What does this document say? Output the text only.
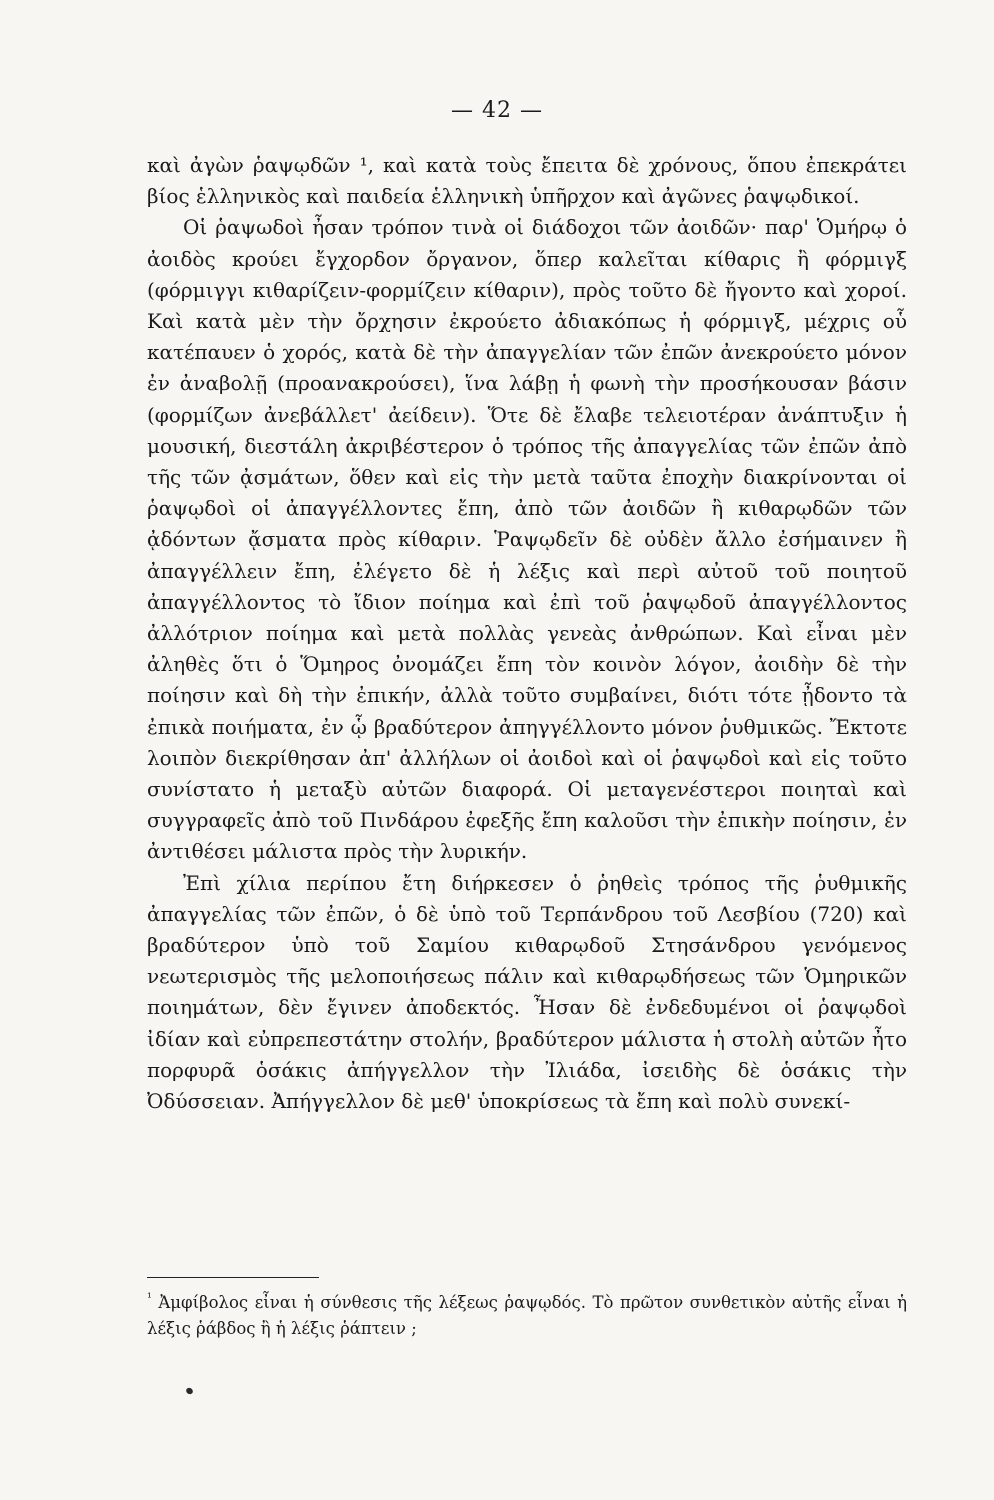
— 42 —

καὶ ἀγὼν ῥαψῳδῶν ¹, καὶ κατὰ τοὺς ἔπειτα δὲ χρόνους, ὅπου ἐπεκράτει βίος ἑλληνικὸς καὶ παιδεία ἑλληνικὴ ὑπῆρχον καὶ ἀγῶνες ῥαψῳδικοί.

Οἱ ῥαψωδοὶ ἦσαν τρόπον τινὰ οἱ διάδοχοι τῶν ἀοιδῶν· παρ' Ὁμήρῳ ὁ ἀοιδὸς κρούει ἔγχορδον ὄργανον, ὅπερ καλεῖται κίθαρις ἢ φόρμιγξ (φόρμιγγι κιθαρίζειν-φορμίζειν κίθαριν), πρὸς τοῦτο δὲ ἤγοντο καὶ χοροί. Καὶ κατὰ μὲν τὴν ὄρχησιν ἐκρούετο ἀδιακόπως ἡ φόρμιγξ, μέχρις οὗ κατέπαυεν ὁ χορός, κατὰ δὲ τὴν ἀπαγγελίαν τῶν ἐπῶν ἀνεκρούετο μόνον ἐν ἀναβολῇ (προανακρούσει), ἵνα λάβῃ ἡ φωνὴ τὴν προσήκουσαν βάσιν (φορμίζων ἀνεβάλλετ' ἀείδειν). Ὅτε δὲ ἔλαβε τελειοτέραν ἀνάπτυξιν ἡ μουσική, διεστάλη ἀκριβέστερον ὁ τρόπος τῆς ἀπαγγελίας τῶν ἐπῶν ἀπὸ τῆς τῶν ᾀσμάτων, ὅθεν καὶ εἰς τὴν μετὰ ταῦτα ἐποχὴν διακρίνονται οἱ ῥαψῳδοὶ οἱ ἀπαγγέλλοντες ἔπη, ἀπὸ τῶν ἀοιδῶν ἢ κιθαρῳδῶν τῶν ᾀδόντων ᾄσματα πρὸς κίθαριν. Ῥαψῳδεῖν δὲ οὐδὲν ἄλλο ἐσήμαινεν ἢ ἀπαγγέλλειν ἔπη, ἐλέγετο δὲ ἡ λέξις καὶ περὶ αὐτοῦ τοῦ ποιητοῦ ἀπαγγέλλοντος τὸ ἴδιον ποίημα καὶ ἐπὶ τοῦ ῥαψῳδοῦ ἀπαγγέλλοντος ἀλλότριον ποίημα καὶ μετὰ πολλὰς γενεὰς ἀνθρώπων. Καὶ εἶναι μὲν ἀληθὲς ὅτι ὁ Ὅμηρος ὀνομάζει ἔπη τὸν κοινὸν λόγον, ἀοιδὴν δὲ τὴν ποίησιν καὶ δὴ τὴν ἐπικήν, ἀλλὰ τοῦτο συμβαίνει, διότι τότε ᾖδοντο τὰ ἐπικὰ ποιήματα, ἐν ᾧ βραδύτερον ἀπηγγέλλοντο μόνον ῥυθμικῶς. Ἔκτοτε λοιπὸν διεκρίθησαν ἀπ' ἀλλήλων οἱ ἀοιδοὶ καὶ οἱ ῥαψῳδοὶ καὶ εἰς τοῦτο συνίστατο ἡ μεταξὺ αὐτῶν διαφορά. Οἱ μεταγενέστεροι ποιηταὶ καὶ συγγραφεῖς ἀπὸ τοῦ Πινδάρου ἐφεξῆς ἔπη καλοῦσι τὴν ἐπικὴν ποίησιν, ἐν ἀντιθέσει μάλιστα πρὸς τὴν λυρικήν.

Ἐπὶ χίλια περίπου ἔτη διήρκεσεν ὁ ῥηθεὶς τρόπος τῆς ῥυθμικῆς ἀπαγγελίας τῶν ἐπῶν, ὁ δὲ ὑπὸ τοῦ Τερπάνδρου τοῦ Λεσβίου (720) καὶ βραδύτερον ὑπὸ τοῦ Σαμίου κιθαρῳδοῦ Στησάνδρου γενόμενος νεωτερισμὸς τῆς μελοποιήσεως πάλιν καὶ κιθαρῳδήσεως τῶν Ὁμηρικῶν ποιημάτων, δὲν ἔγινεν ἀποδεκτός. Ἦσαν δὲ ἐνδεδυμένοι οἱ ῥαψῳδοὶ ἰδίαν καὶ εὐπρεπεστάτην στολήν, βραδύτερον μάλιστα ἡ στολὴ αὐτῶν ἦτο πορφυρᾶ ὁσάκις ἀπήγγελλον τὴν Ἰλιάδα, ἰσειδὴς δὲ ὁσάκις τὴν Ὀδύσσειαν. Ἀπήγγελλον δὲ μεθ' ὑποκρίσεως τὰ ἔπη καὶ πολὺ συνεκί-

$^{^1}$ Ἀμφίβολος εἶναι ἡ σύνθεσις τῆς λέξεως ῥαψῳδός. Τὸ πρῶτον συνθετικὸν αὐτῆς εἶναι ἡ λέξις ῥάβδος ἢ ἡ λέξις ῥάπτειν ;
